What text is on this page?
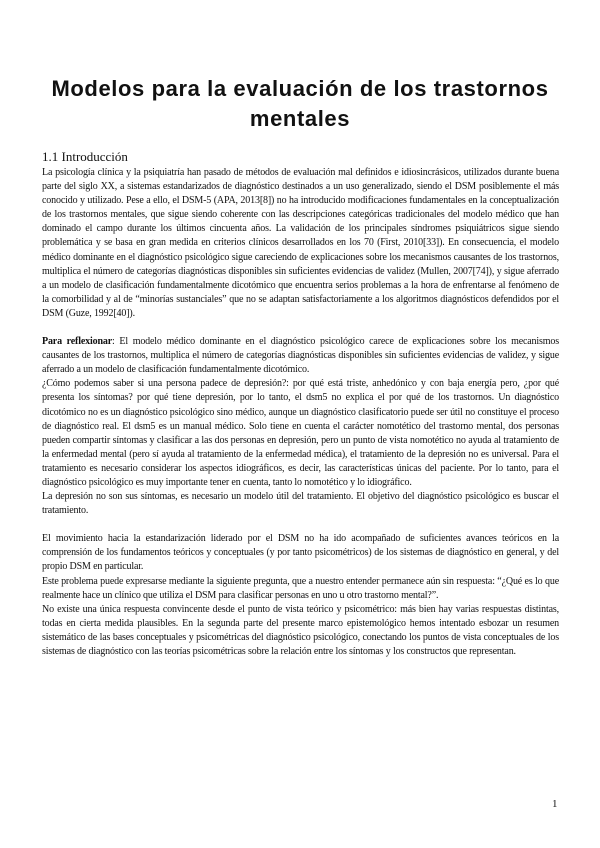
Modelos para la evaluación de los trastornos mentales
1.1 Introducción

La psicología clínica y la psiquiatría han pasado de métodos de evaluación mal definidos e idiosincrásicos, utilizados durante buena parte del siglo XX, a sistemas estandarizados de diagnóstico destinados a un uso generalizado, siendo el DSM posiblemente el más conocido y utilizado. Pese a ello, el DSM-5 (APA, 2013[8]) no ha introducido modificaciones fundamentales en la conceptualización de los trastornos mentales, que sigue siendo coherente con las descripciones categóricas tradicionales del modelo médico que han dominado el campo durante los últimos cincuenta años. La validación de los principales síndromes psiquiátricos sigue siendo problemática y se basa en gran medida en criterios clínicos desarrollados en los 70 (First, 2010[33]). En consecuencia, el modelo médico dominante en el diagnóstico psicológico sigue careciendo de explicaciones sobre los mecanismos causantes de los trastornos, multiplica el número de categorías diagnósticas disponibles sin suficientes evidencias de validez (Mullen, 2007[74]), y sigue aferrado a un modelo de clasificación fundamentalmente dicotómico que encuentra serios problemas a la hora de enfrentarse al fenómeno de la comorbilidad y al de “minorías sustanciales” que no se adaptan satisfactoriamente a los algoritmos diagnósticos defendidos por el DSM (Guze, 1992[40]).

Para reflexionar: El modelo médico dominante en el diagnóstico psicológico carece de explicaciones sobre los mecanismos causantes de los trastornos, multiplica el número de categorías diagnósticas disponibles sin suficientes evidencias de validez, y sigue aferrado a un modelo de clasificación fundamentalmente dicotómico.

¿Cómo podemos saber si una persona padece de depresión?: por qué está triste, anhedónico y con baja energía pero, ¿por qué presenta los síntomas? por qué tiene depresión, por lo tanto, el dsm5 no explica el por qué de los trastornos. Un diagnóstico dicotómico no es un diagnóstico psicológico sino médico, aunque un diagnóstico clasificatorio puede ser útil no constituye el proceso de diagnóstico real. El dsm5 es un manual médico. Solo tiene en cuenta el carácter nomotético del trastorno mental, dos personas pueden compartir síntomas y clasificar a las dos personas en depresión, pero un punto de vista nomotético no ayuda al tratamiento de la enfermedad mental (pero sí ayuda al tratamiento de la enfermedad médica), el tratamiento de la depresión no es universal. Para el tratamiento es necesario considerar los aspectos idiográficos, es decir, las características únicas del paciente. Por lo tanto, para el diagnóstico psicológico es muy importante tener en cuenta, tanto lo nomotético y lo idiográfico.

La depresión no son sus síntomas, es necesario un modelo útil del tratamiento. El objetivo del diagnóstico psicológico es buscar el tratamiento.

El movimiento hacia la estandarización liderado por el DSM no ha ido acompañado de suficientes avances teóricos en la comprensión de los fundamentos teóricos y conceptuales (y por tanto psicométricos) de los sistemas de diagnóstico en general, y del propio DSM en particular.

Este problema puede expresarse mediante la siguiente pregunta, que a nuestro entender permanece aún sin respuesta: “¿Qué es lo que realmente hace un clínico que utiliza el DSM para clasificar personas en uno u otro trastorno mental?”.

No existe una única respuesta convincente desde el punto de vista teórico y psicométrico: más bien hay varias respuestas distintas, todas en cierta medida plausibles. En la segunda parte del presente marco epistemológico hemos intentado esbozar un resumen sistemático de las bases conceptuales y psicométricas del diagnóstico psicológico, conectando los puntos de vista conceptuales de los sistemas de diagnóstico con las teorías psicométricas sobre la relación entre los síntomas y los constructos que representan.

1
